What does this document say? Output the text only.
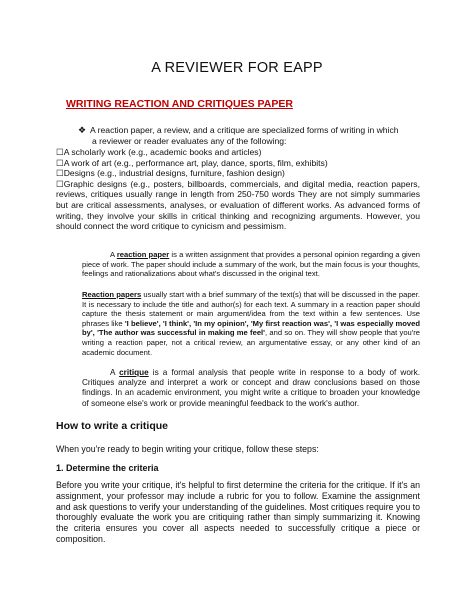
A REVIEWER FOR EAPP
WRITING REACTION AND CRITIQUES PAPER
❖ A reaction paper, a review, and a critique are specialized forms of writing in which
a reviewer or reader evaluates any of the following:
☐A scholarly work (e.g., academic books and articles)
☐A work of art (e.g., performance art, play, dance, sports, film, exhibits)
☐Designs (e.g., industrial designs, furniture, fashion design)
☐Graphic designs (e.g., posters, billboards, commercials, and digital media, reaction papers, reviews, critiques usually range in length from 250-750 words They are not simply summaries but are critical assessments, analyses, or evaluation of different works. As advanced forms of writing, they involve your skills in critical thinking and recognizing arguments. However, you should connect the word critique to cynicism and pessimism.
A reaction paper is a written assignment that provides a personal opinion regarding a given piece of work. The paper should include a summary of the work, but the main focus is your thoughts, feelings and rationalizations about what's discussed in the original text.
Reaction papers usually start with a brief summary of the text(s) that will be discussed in the paper. It is necessary to include the title and author(s) for each text. A summary in a reaction paper should capture the thesis statement or main argument/idea from the text within a few sentences. Use phrases like 'I believe', 'I think', 'In my opinion', 'My first reaction was', 'I was especially moved by', 'The author was successful in making me feel', and so on. They will show people that you're writing a reaction paper, not a critical review, an argumentative essay, or any other kind of an academic document.
A critique is a formal analysis that people write in response to a body of work. Critiques analyze and interpret a work or concept and draw conclusions based on those findings. In an academic environment, you might write a critique to broaden your knowledge of someone else's work or provide meaningful feedback to the work's author.
How to write a critique
When you're ready to begin writing your critique, follow these steps:
1. Determine the criteria
Before you write your critique, it's helpful to first determine the criteria for the critique. If it's an assignment, your professor may include a rubric for you to follow. Examine the assignment and ask questions to verify your understanding of the guidelines. Most critiques require you to thoroughly evaluate the work you are critiquing rather than simply summarizing it. Knowing the criteria ensures you cover all aspects needed to successfully critique a piece or composition.
